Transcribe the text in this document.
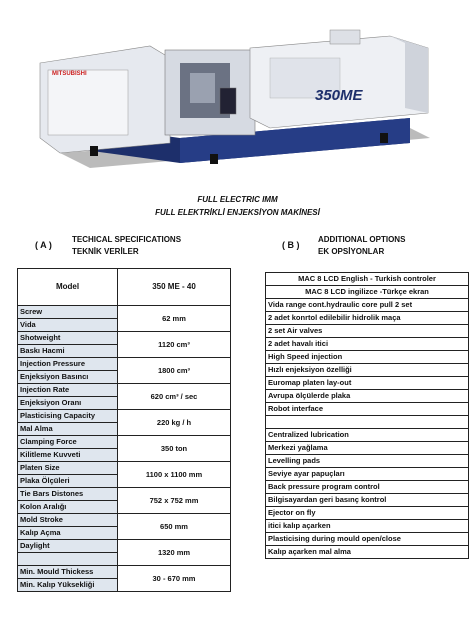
MITSUBISHI
350ME
FULL ELECTRIC IMM
FULL ELEKTRİKLİ ENJEKSİYON MAKİNESİ
( A )
TECHICAL SPECIFICATIONS
TEKNİK VERİLER
( B )
ADDITIONAL OPTIONS
EK OPSİYONLAR
Model	350 ME - 40
Screw	62 mm
Vida	
Shotweight	1120 cm³
Baskı Hacmi	
Injection Pressure	1800 cm³
Enjeksiyon Basıncı	
Injection Rate	620 cm³ / sec
Enjeksiyon Oranı	
Plasticising Capacity	220 kg / h
Mal Alma	
Clamping Force	350 ton
Kilitleme Kuvveti	
Platen Size	1100 x 1100 mm
Plaka Ölçüleri	
Tie Bars Distones	752 x 752 mm
Kolon Aralığı	
Mold Stroke	650 mm
Kalıp Açma	
Daylight	1320 mm

Min. Mould Thickess	30 - 670 mm
Min. Kalıp Yüksekliği	
MAC 8 LCD English - Turkish controler
MAC 8 LCD ingilizce -Türkçe ekran
Vida range cont.hydraulic core pull 2 set
2 adet konrtol edilebilir hidrolik maça
2 set Air valves
2 adet havalı itici
High Speed injection
Hızlı enjeksiyon özelliği
Euromap platen lay-out
Avrupa ölçülerde plaka
Robot interface

Centralized lubrication
Merkezi yağlama
Levelling pads
Seviye ayar papuçları
Back pressure program control
Bilgisayardan geri basınç kontrol
Ejector on fly
itici kalıp açarken
Plasticising during mould open/close
Kalıp açarken mal alma
